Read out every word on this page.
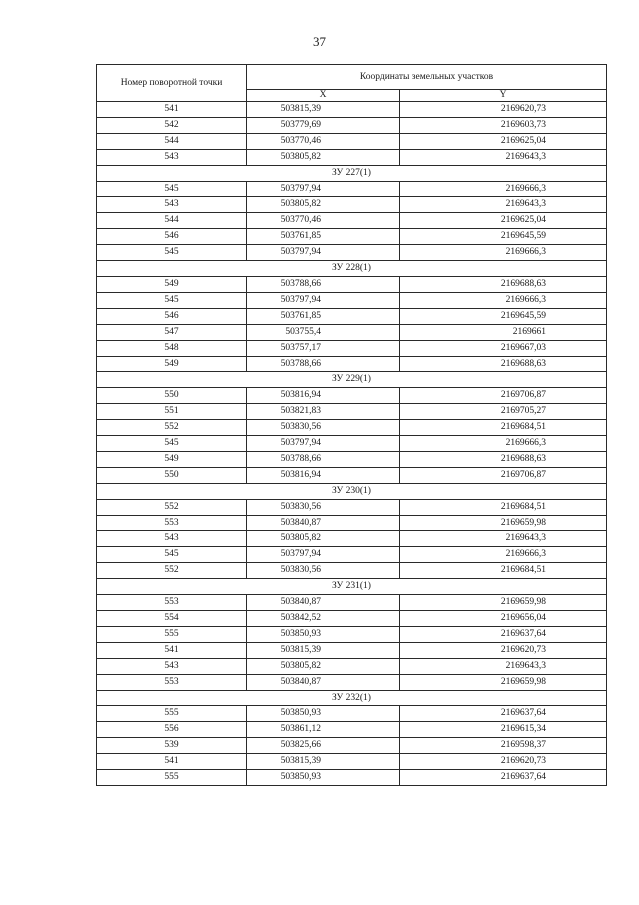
37
Номер поворотной точки	Координаты земельных участков	
	X	Y
541	503815,39	2169620,73
542	503779,69	2169603,73
544	503770,46	2169625,04
543	503805,82	2169643,3
ЗУ 227(1)		
545	503797,94	2169666,3
543	503805,82	2169643,3
544	503770,46	2169625,04
546	503761,85	2169645,59
545	503797,94	2169666,3
ЗУ 228(1)		
549	503788,66	2169688,63
545	503797,94	2169666,3
546	503761,85	2169645,59
547	503755,4	2169661
548	503757,17	2169667,03
549	503788,66	2169688,63
ЗУ 229(1)		
550	503816,94	2169706,87
551	503821,83	2169705,27
552	503830,56	2169684,51
545	503797,94	2169666,3
549	503788,66	2169688,63
550	503816,94	2169706,87
ЗУ 230(1)		
552	503830,56	2169684,51
553	503840,87	2169659,98
543	503805,82	2169643,3
545	503797,94	2169666,3
552	503830,56	2169684,51
ЗУ 231(1)		
553	503840,87	2169659,98
554	503842,52	2169656,04
555	503850,93	2169637,64
541	503815,39	2169620,73
543	503805,82	2169643,3
553	503840,87	2169659,98
ЗУ 232(1)		
555	503850,93	2169637,64
556	503861,12	2169615,34
539	503825,66	2169598,37
541	503815,39	2169620,73
555	503850,93	2169637,64
